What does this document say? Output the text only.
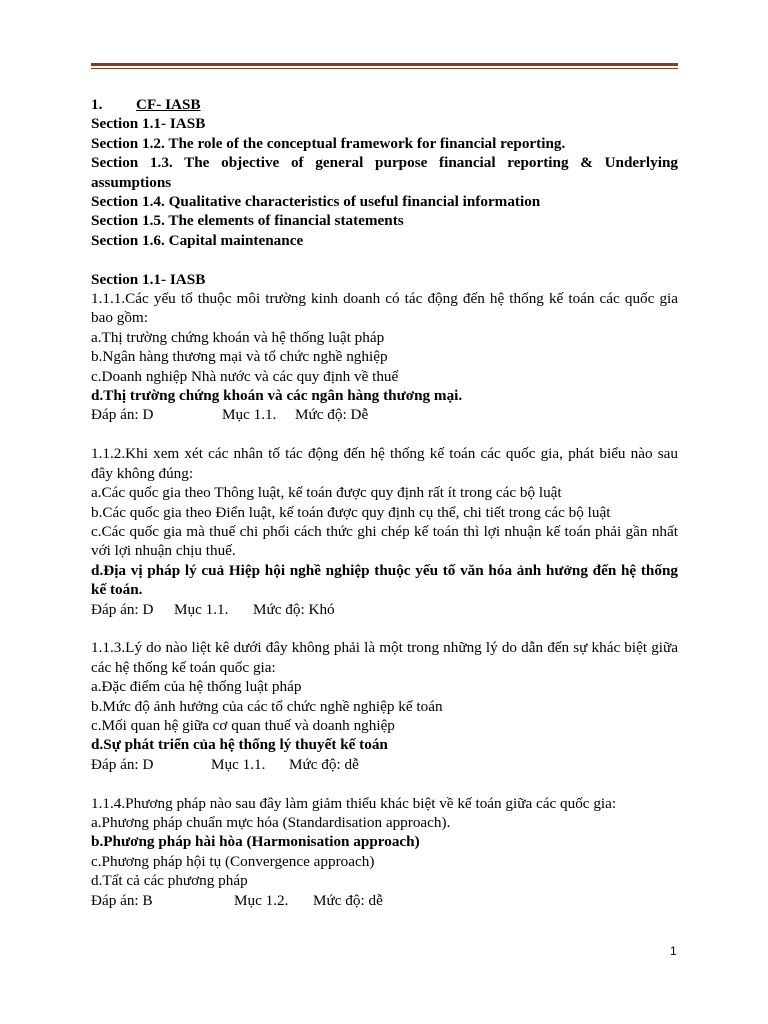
1. CF- IASB
Section 1.1- IASB
Section 1.2. The role of the conceptual framework for financial reporting.
Section 1.3. The objective of general purpose financial reporting & Underlying assumptions
Section 1.4. Qualitative characteristics of useful financial information
Section 1.5. The elements of financial statements
Section 1.6. Capital maintenance
Section 1.1- IASB
1.1.1.Các yếu tố thuộc môi trường kinh doanh có tác động đến hệ thống kế toán các quốc gia bao gồm:
a.Thị trường chứng khoán và hệ thống luật pháp
b.Ngân hàng thương mại và tổ chức nghề nghiệp
c.Doanh nghiệp Nhà nước và các quy định về thuế
d.Thị trường chứng khoán và các ngân hàng thương mại.
Đáp án: D	Mục 1.1. Mức độ: Dễ
1.1.2.Khi xem xét các nhân tố tác động đến hệ thống kế toán các quốc gia, phát biểu nào sau đây không đúng:
a.Các quốc gia theo Thông luật, kế toán được quy định rất ít trong các bộ luật
b.Các quốc gia theo Điển luật, kế toán được quy định cụ thể, chi tiết trong các bộ luật
c.Các quốc gia mà thuế chi phối cách thức ghi chép kế toán thì lợi nhuận kế toán phải gần nhất với lợi nhuận chịu thuế.
d.Địa vị pháp lý cuả Hiệp hội nghề nghiệp thuộc yếu tố văn hóa ảnh hưởng đến hệ thống kế toán.
Đáp án: D Mục 1.1. Mức độ: Khó
1.1.3.Lý do nào liệt kê dưới đây không phải là một trong những lý do dẫn đến sự khác biệt giữa các hệ thống kế toán quốc gia:
a.Đặc điểm của hệ thống luật pháp
b.Mức độ ảnh hưởng của các tổ chức nghề nghiệp kế toán
c.Mối quan hệ giữa cơ quan thuế và doanh nghiệp
d.Sự phát triển của hệ thống lý thuyết kế toán
Đáp án: D	Mục 1.1. Mức độ: dễ
1.1.4.Phương pháp nào sau đây làm giảm thiểu khác biệt về kế toán giữa các quốc gia:
a.Phương pháp chuẩn mực hóa (Standardisation approach).
b.Phương pháp hài hòa (Harmonisation approach)
c.Phương pháp hội tụ (Convergence approach)
d.Tất cả các phương pháp
Đáp án: B	Mục 1.2. Mức độ: dễ
1
